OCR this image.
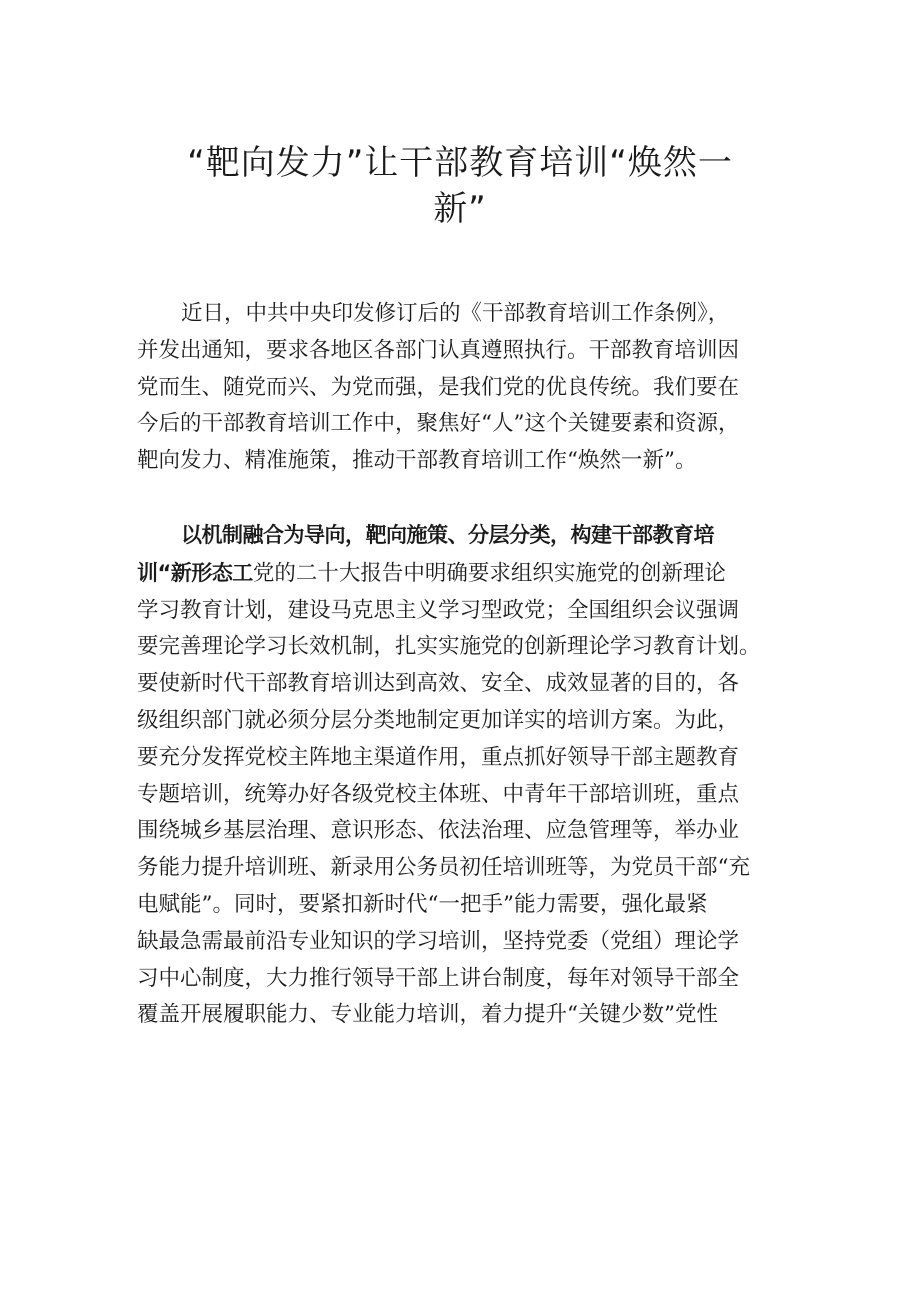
“靶向发力”让干部教育培训“焕然一
新”
近日，中共中央印发修订后的《干部教育培训工作条例》，
并发出通知，要求各地区各部门认真遵照执行。干部教育培训因
党而生、随党而兴、为党而强，是我们党的优良传统。我们要在
今后的干部教育培训工作中，聚焦好“人”这个关键要素和资源，
靶向发力、精准施策，推动干部教育培训工作“焕然一新”。
以机制融合为导向，靶向施策、分层分类，构建干部教育培
训“新形态工党的二十大报告中明确要求组织实施党的创新理论
学习教育计划，建设马克思主义学习型政党；全国组织会议强调
要完善理论学习长效机制，扎实实施党的创新理论学习教育计划。
要使新时代干部教育培训达到高效、安全、成效显著的目的，各
级组织部门就必须分层分类地制定更加详实的培训方案。为此，
要充分发挥党校主阵地主渠道作用，重点抓好领导干部主题教育
专题培训，统筹办好各级党校主体班、中青年干部培训班，重点
围绕城乡基层治理、意识形态、依法治理、应急管理等，举办业
务能力提升培训班、新录用公务员初任培训班等，为党员干部“充
电赋能”。同时，要紧扣新时代“一把手”能力需要，强化最紧
缺最急需最前沿专业知识的学习培训，坚持党委（党组）理论学
习中心制度，大力推行领导干部上讲台制度，每年对领导干部全
覆盖开展履职能力、专业能力培训，着力提升“关键少数”党性
